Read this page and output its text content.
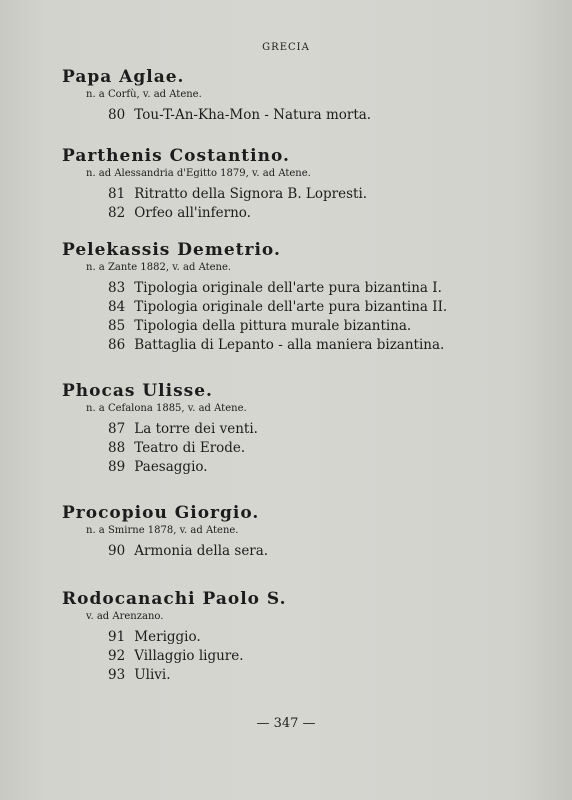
GRECIA
Papa Aglae.
n. a Corfù, v. ad Atene.
80 Tou-T-An-Kha-Mon - Natura morta.
Parthenis Costantino.
n. ad Alessandria d'Egitto 1879, v. ad Atene.
81 Ritratto della Signora B. Lopresti.
82 Orfeo all'inferno.
Pelekassis Demetrio.
n. a Zante 1882, v. ad Atene.
83 Tipologia originale dell'arte pura bizantina I.
84 Tipologia originale dell'arte pura bizantina II.
85 Tipologia della pittura murale bizantina.
86 Battaglia di Lepanto - alla maniera bizantina.
Phocas Ulisse.
n. a Cefalona 1885, v. ad Atene.
87 La torre dei venti.
88 Teatro di Erode.
89 Paesaggio.
Procopiou Giorgio.
n. a Smirne 1878, v. ad Atene.
90 Armonia della sera.
Rodocanachi Paolo S.
v. ad Arenzano.
91 Meriggio.
92 Villaggio ligure.
93 Ulivi.
— 347 —
